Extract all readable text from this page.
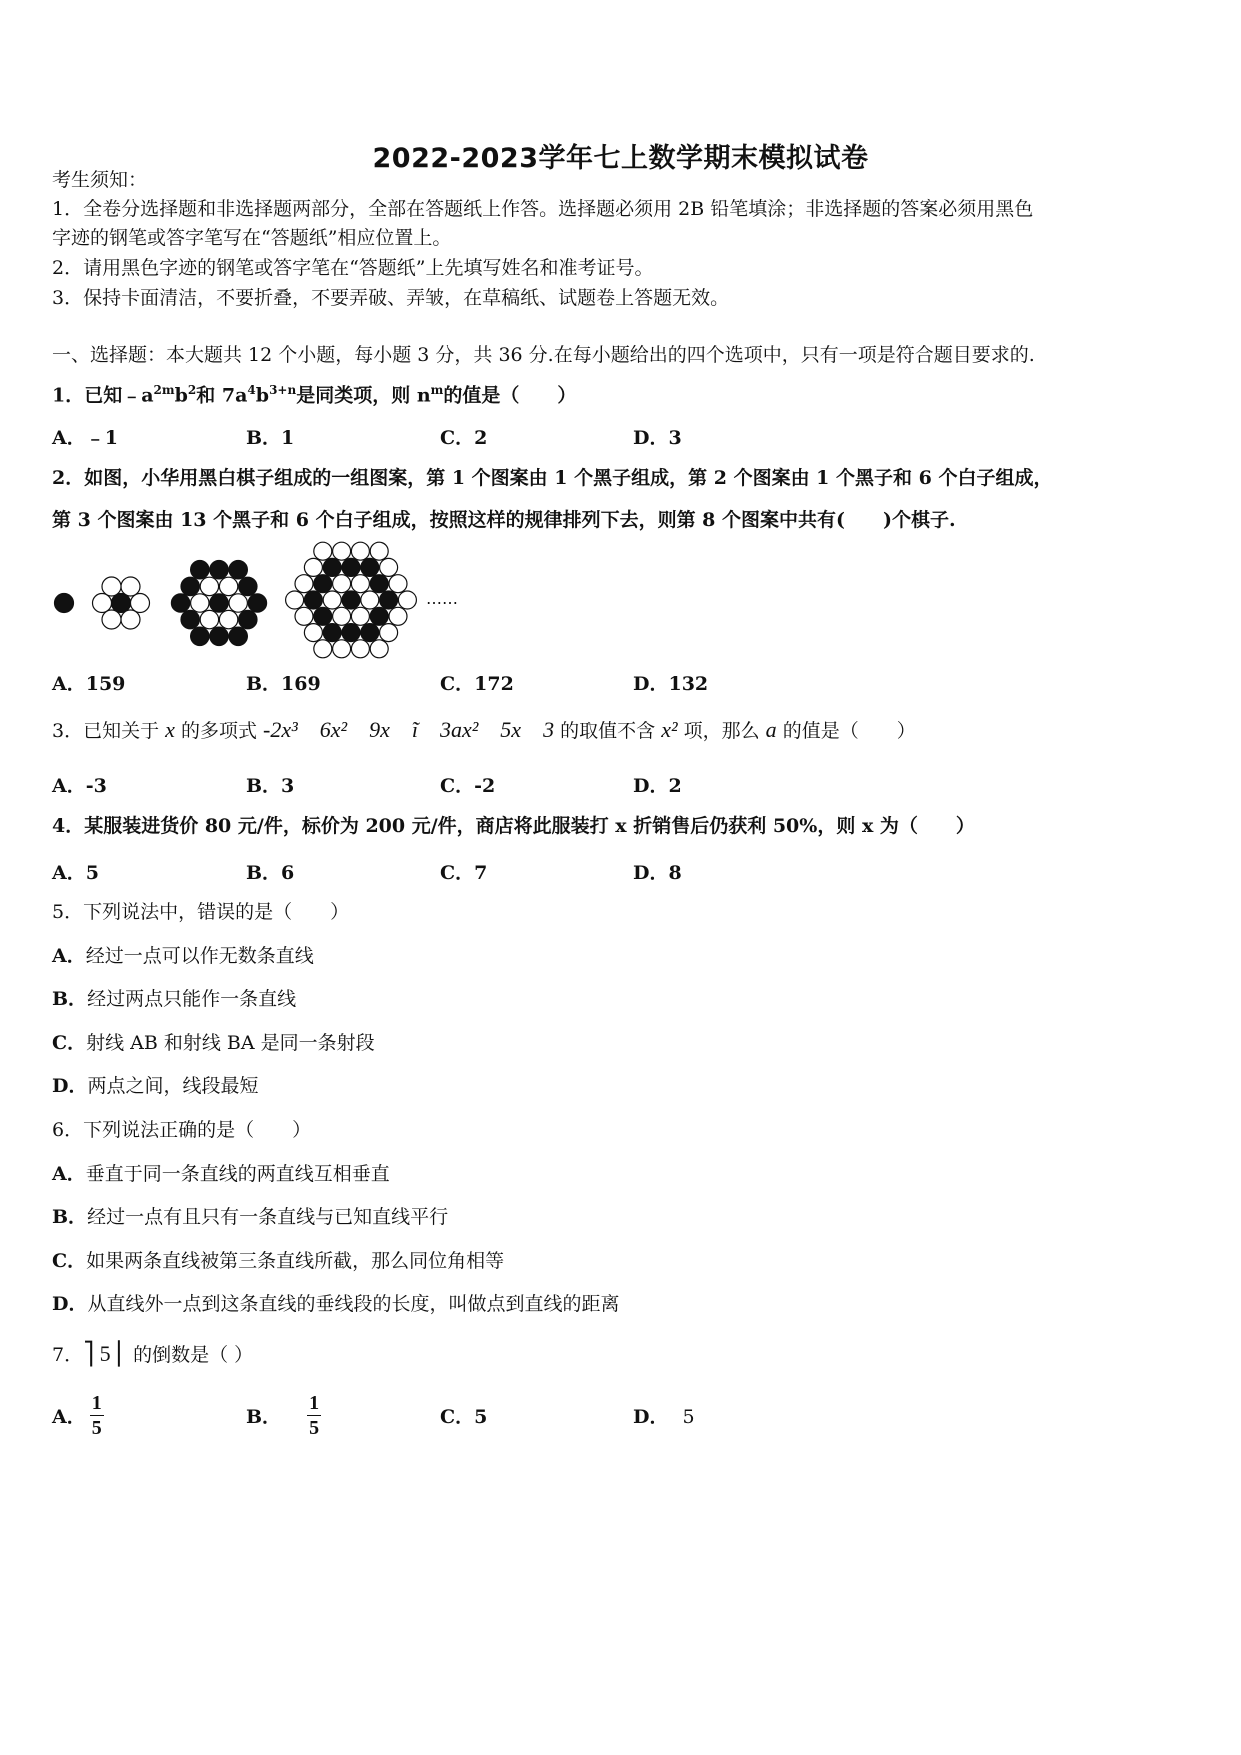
2022-2023学年七上数学期末模拟试卷
考生须知：
1．全卷分选择题和非选择题两部分，全部在答题纸上作答。选择题必须用 2B 铅笔填涂；非选择题的答案必须用黑色
字迹的钢笔或答字笔写在“答题纸”相应位置上。
2．请用黑色字迹的钢笔或答字笔在“答题纸”上先填写姓名和准考证号。
3．保持卡面清洁，不要折叠，不要弄破、弄皱，在草稿纸、试题卷上答题无效。
一、选择题：本大题共 12 个小题，每小题 3 分，共 36 分.在每小题给出的四个选项中，只有一项是符合题目要求的.
1．已知$﹣a^{2m}b^2$和 $7a^4b^{3+n}$是同类项，则 $n^m$的值是（　　）
A．﹣1	B．1	C．2	D．3
2．如图，小华用黑白棋子组成的一组图案，第 1 个图案由 1 个黑子组成，第 2 个图案由 1 个黑子和 6 个白子组成，
第 3 个图案由 13 个黑子和 6 个白子组成，按照这样的规律排列下去，则第 8 个图案中共有(　　)个棋子.
……
A．159	B．169	C．172	D．132
3．已知关于 x 的多项式 -2x³　6x²　9x　ĩ　3ax²　5x　3 的取值不含 x² 项，那么 a 的值是（　　）
A．-3	B．3	C．-2	D．2
4．某服装进货价 80 元/件，标价为 200 元/件，商店将此服装打 x 折销售后仍获利 50%，则 x 为（　　）
A．5	B．6	C．7	D．8
5．下列说法中，错误的是（　　）
A．经过一点可以作无数条直线
B．经过两点只能作一条直线
C．射线 AB 和射线 BA 是同一条射段
D．两点之间，线段最短
6．下列说法正确的是（　　）
A．垂直于同一条直线的两直线互相垂直
B．经过一点有且只有一条直线与已知直线平行
C．如果两条直线被第三条直线所截，那么同位角相等
D．从直线外一点到这条直线的垂线段的长度，叫做点到直线的距离
7．⎤ 5⎪ 的倒数是（ ）
A． $\frac{1}{5}$	B． $\frac{1}{5}$	C．5	D． 5
